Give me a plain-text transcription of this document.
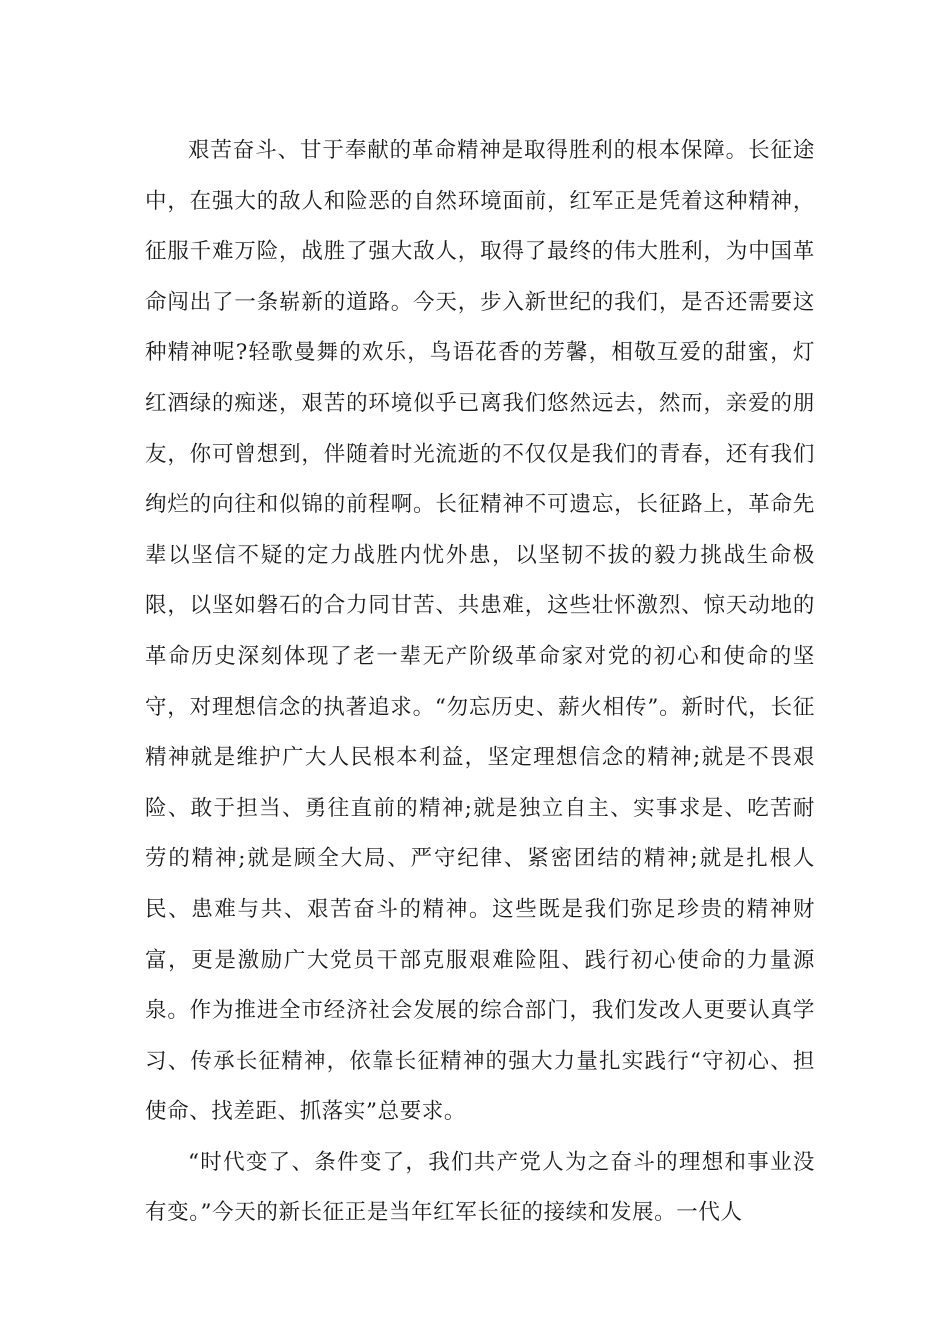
艰苦奋斗、甘于奉献的革命精神是取得胜利的根本保障。长征途中，在强大的敌人和险恶的自然环境面前，红军正是凭着这种精神，征服千难万险，战胜了强大敌人，取得了最终的伟大胜利，为中国革命闯出了一条崭新的道路。今天，步入新世纪的我们，是否还需要这种精神呢?轻歌曼舞的欢乐，鸟语花香的芳馨，相敬互爱的甜蜜，灯红酒绿的痴迷，艰苦的环境似乎已离我们悠然远去，然而，亲爱的朋友，你可曾想到，伴随着时光流逝的不仅仅是我们的青春，还有我们绚烂的向往和似锦的前程啊。长征精神不可遗忘，长征路上，革命先辈以坚信不疑的定力战胜内忧外患，以坚韧不拔的毅力挑战生命极限，以坚如磐石的合力同甘苦、共患难，这些壮怀激烈、惊天动地的革命历史深刻体现了老一辈无产阶级革命家对党的初心和使命的坚守，对理想信念的执著追求。“勿忘历史、薪火相传”。新时代，长征精神就是维护广大人民根本利益，坚定理想信念的精神;就是不畏艰险、敢于担当、勇往直前的精神;就是独立自主、实事求是、吃苦耐劳的精神;就是顾全大局、严守纪律、紧密团结的精神;就是扎根人民、患难与共、艰苦奋斗的精神。这些既是我们弥足珍贵的精神财富，更是激励广大党员干部克服艰难险阻、践行初心使命的力量源泉。作为推进全市经济社会发展的综合部门，我们发改人更要认真学习、传承长征精神，依靠长征精神的强大力量扎实践行“守初心、担使命、找差距、抓落实”总要求。

“时代变了、条件变了，我们共产党人为之奋斗的理想和事业没有变。”今天的新长征正是当年红军长征的接续和发展。一代人
